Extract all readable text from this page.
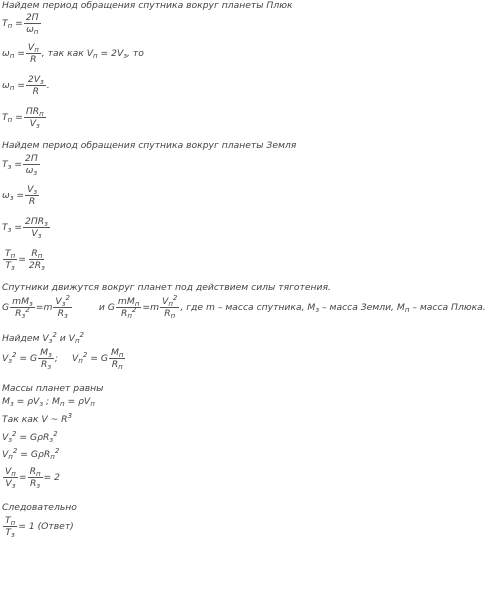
Найдем период обращения спутника вокруг планеты Плюк
$T_п = \frac{2П}{\omega_п}$
$\omega_п = \frac{V_п}{R}$ , так как $V_п = 2V_з$, то
$\omega_п = \frac{2V_з}{R}$ .
$T_п = \frac{ПR_п}{V_з}$
Найдем период обращения спутника вокруг планеты Земля
$T_з = \frac{2П}{\omega_з}$
$\omega_з = \frac{V_з}{R}$
$T_з = \frac{2ПR_з}{V_з}$
$\frac{T_п}{T_з} = \frac{R_п}{2R_з}$
Спутники движутся вокруг планет под действием силы тяготения.
G $\frac{mM_з}{R_з^2} =m \frac{V_з^2}{R_з}$	и G $\frac{mM_п}{R_п^2} =m \frac{V_п^2}{R_п}$ , где m – масса спутника, $M_з$ – масса Земли, $M_п$ – масса Плюка.
Найдем $V_з^2$ и $V_п^2$
$V_з^2 = G \frac{M_з}{R_з}$ ; $V_п^2 = G \frac{M_п}{R_п}$
Массы планет равны
$M_з = \rho V_з$ ; $M_п = \rho V_п$
Так как V ~ $R^3$
$V_з^2 = G\rho R_з^2$
$V_п^2 = G\rho R_п^2$
$\frac{V_п}{V_з} = \frac{R_п}{R_з} = 2$
Следовательно
$\frac{T_п}{T_з} = 1$ (Ответ)
